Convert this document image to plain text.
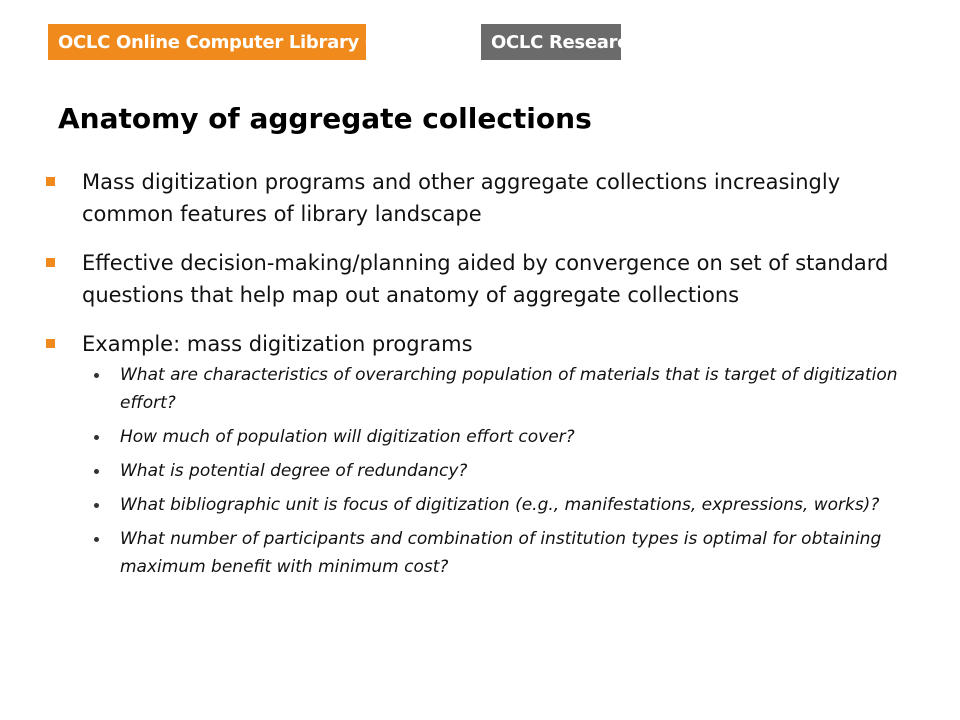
OCLC Online Computer Library Center	OCLC Research
Anatomy of aggregate collections
Mass digitization programs and other aggregate collections increasingly common features of library landscape
Effective decision-making/planning aided by convergence on set of standard questions that help map out anatomy of aggregate collections
Example: mass digitization programs
What are characteristics of overarching population of materials that is target of digitization effort?
How much of population will digitization effort cover?
What is potential degree of redundancy?
What bibliographic unit is focus of digitization (e.g., manifestations, expressions, works)?
What number of participants and combination of institution types is optimal for obtaining maximum benefit with minimum cost?
